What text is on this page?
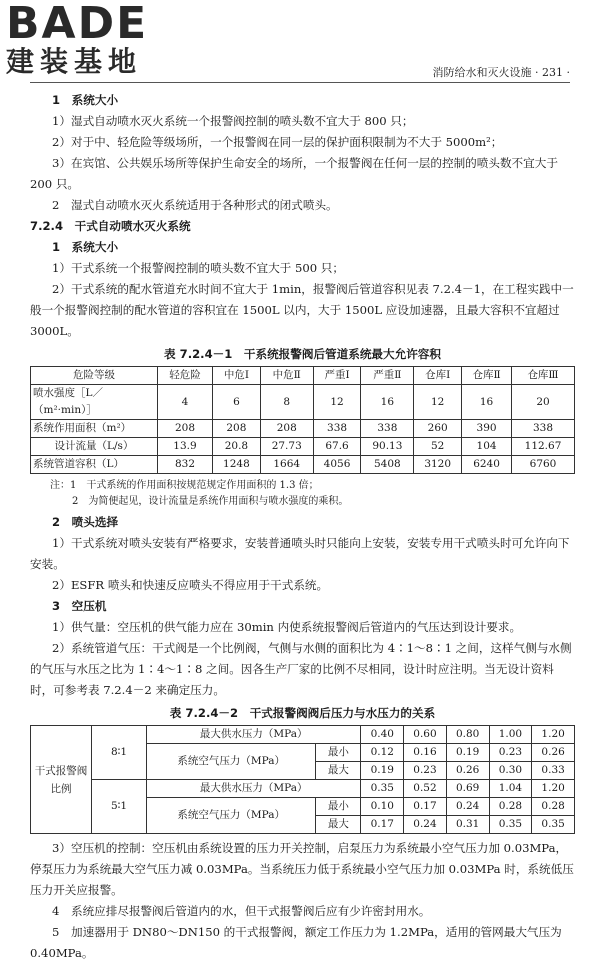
BADE
建装基地	消防给水和灭火设施 · 231 ·

1　系统大小

1）湿式自动喷水灭火系统一个报警阀控制的喷头数不宜大于 800 只；

2）对于中、轻危险等级场所，一个报警阀在同一层的保护面积限制为不大于 5000m²；

3）在宾馆、公共娱乐场所等保护生命安全的场所，一个报警阀在任何一层的控制的喷头数不宜大于 200 只。

2　湿式自动喷水灭火系统适用于各种形式的闭式喷头。

7.2.4　干式自动喷水灭火系统

1　系统大小

1）干式系统一个报警阀控制的喷头数不宜大于 500 只；

2）干式系统的配水管道充水时间不宜大于 1min，报警阀后管道容积见表 7.2.4－1，在工程实践中一般一个报警阀控制的配水管道的容积宜在 1500L 以内，大于 1500L 应设加速器，且最大容积不宜超过 3000L。

表 7.2.4－1　干系统报警阀后管道系统最大允许容积
危险等级	轻危险	中危Ⅰ	中危Ⅱ	严重Ⅰ	严重Ⅱ	仓库Ⅰ	仓库Ⅱ	仓库Ⅲ
喷水强度［L／（m²·min）］	4	6	8	12	16	12	16	20
系统作用面积（m²）	208	208	208	338	338	260	390	338
设计流量（L/s）	13.9	20.8	27.73	67.6	90.13	52	104	112.67
系统管道容积（L）	832	1248	1664	4056	5408	3120	6240	6760
注：1　干式系统的作用面积按规范规定作用面积的 1.3 倍；
2　为简便起见，设计流量是系统作用面积与喷水强度的乘积。

2　喷头选择

1）干式系统对喷头安装有严格要求，安装普通喷头时只能向上安装，安装专用干式喷头时可允许向下安装。

2）ESFR 喷头和快速反应喷头不得应用于干式系统。

3　空压机

1）供气量：空压机的供气能力应在 30min 内使系统报警阀后管道内的气压达到设计要求。

2）系统管道气压：干式阀是一个比例阀，气侧与水侧的面积比为 4∶1～8∶1 之间，这样气侧与水侧的气压与水压之比为 1∶4～1∶8 之间。因各生产厂家的比例不尽相同，设计时应注明。当无设计资料时，可参考表 7.2.4－2 来确定压力。

表 7.2.4－2　干式报警阀阀后压力与水压力的关系
干式报警阀比例	8∶1	最大供水压力（MPa）		0.40	0.60	0.80	1.00	1.20
		系统空气压力（MPa）	最小	0.12	0.16	0.19	0.23	0.26
			最大	0.19	0.23	0.26	0.30	0.33
	5∶1	最大供水压力（MPa）		0.35	0.52	0.69	1.04	1.20
		系统空气压力（MPa）	最小	0.10	0.17	0.24	0.28	0.28
			最大	0.17	0.24	0.31	0.35	0.35

3）空压机的控制：空压机由系统设置的压力开关控制，启泵压力为系统最小空气压力加 0.03MPa，停泵压力为系统最大空气压力减 0.03MPa。当系统压力低于系统最小空气压力加 0.03MPa 时，系统低压压力开关应报警。

4　系统应排尽报警阀后管道内的水，但干式报警阀后应有少许密封用水。

5　加速器用于 DN80～DN150 的干式报警阀，额定工作压力为 1.2MPa，适用的管网最大气压为 0.40MPa。
